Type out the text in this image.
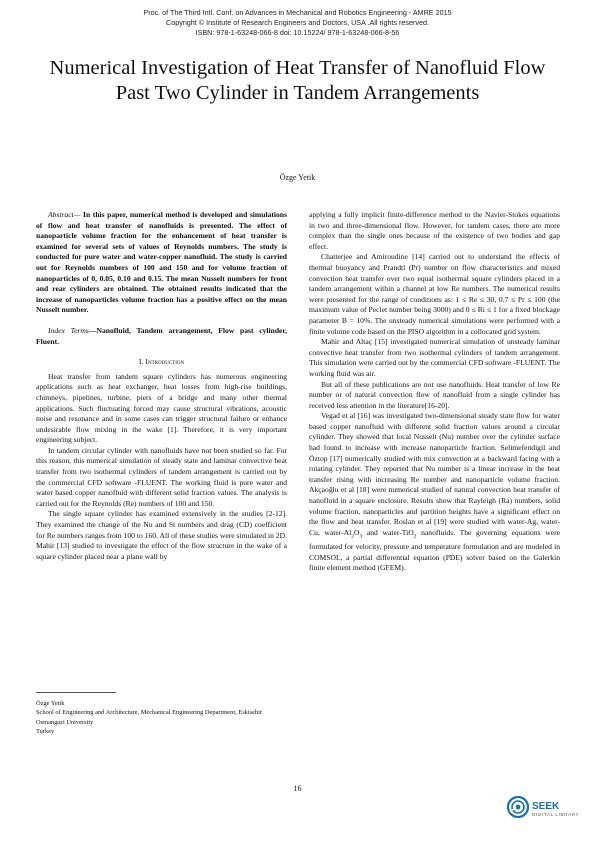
Proc. of The Third Intl. Conf. on Advances in Mechanical and Robotics Engineering - AMRE 2015
Copyright © Institute of Research Engineers and Doctors, USA .All rights reserved.
ISBN: 978-1-63248-066-8 doi: 10.15224/ 978-1-63248-066-8-56
Numerical Investigation of Heat Transfer of Nanofluid Flow Past Two Cylinder in Tandem Arrangements
Özge Yetik

Abstract— In this paper, numerical method is developed and simulations of flow and heat transfer of nanofluids is presented. The effect of nanoparticle volume fraction for the enhancement of heat transfer is examined for several sets of values of Reynolds numbers. The study is conducted for pure water and water-copper nanofluid. The study is carried out for Reynolds numbers of 100 and 150 and for volume fraction of nanoparticles of 0, 0.05, 0.10 and 0.15. The mean Nusselt numbers for front and rear cylinders are obtained. The obtained results indicated that the increase of nanoparticles volume fraction has a positive effect on the mean Nusselt number.

Index Terms—Nanofluid, Tandem arrangement, Flow past cylinder, Fluent.

I. Introduction

Heat transfer from tandem square cylinders has numerous engineering applications such as heat exchanger, heat losses from high-rise buildings, chimneys, pipelines, turbine, piers of a bridge and many other thermal applications. Such fluctuating forced may cause structural vibrations, acoustic noise and resonance and in some cases can trigger structural failure or enhance undesirable flow mixing in the wake [1]. Therefore, it is very important engineering subject.

In tandem circular cylinder with nanofluids have not been studied so far. For this reason, this numerical simulation of steady state and laminar convective heat transfer from two isothermal cylinders of tandem arrangement is carried out by the commercial CFD software -FLUENT. The working fluid is pure water and water based copper nanofluid with different solid fraction values. The analysis is carried out for the Reynolds (Re) numbers of 100 and 150.

The single square cylinder has examined extensively in the studies [2-12]. They examined the change of the Nu and St numbers and drag (CD) coefficient for Re numbers ranges from 100 to 160. All of these studies were simulated in 2D. Mahir [13] studied to investigate the effect of the flow structure in the wake of a square cylinder placed near a plane wall by

Özge Yetik
School of Engineering and Architecture, Mechanical Engineering Department, Eskisehir Osmangazi University
Turkey

applying a fully implicit finite-difference method to the Navier-Stokes equations in two and three-dimensional flow. However, for tandem cases, there are more complex than the single ones because of the existence of two bodies and gap effect.

Chatterjee and Amiroudine [14] carried out to understand the effects of thermal buoyancy and Prandtl (Pr) number on flow characteristics and mixed convection heat transfer over two equal isothermal square cylinders placed in a tandem arrangement within a channel at low Re numbers. The numerical results were presented for the range of conditions as: 1 ≤ Re ≤ 30, 0.7 ≤ Pr ≤ 100 (the maximum value of Peclet number being 3000) and 0 ≤ Ri ≤ 1 for a fixed blockage parameter B = 10%. The unsteady numerical simulations were performed with a finite volume code based on the PISO algorithm in a collocated grid system.

Mahir and Altaç [15] investigated numerical simulation of unsteady laminar convective heat transfer from two isothermal cylinders of tandem arrangement. This simulation were carried out by the commercial CFD software -FLUENT. The working fluid was air.

But all of these publications are not use nanofluids. Heat transfer of low Re number or of natural convection flow of nanofluid from a single cylinder has received less attention in the literature[16-20].

Vegad et al [16] was investigated two-dimensional steady state flow for water based copper nanofluid with different solid fraction values around a circular cylinder. They showed that local Nusselt (Nu) number over the cylinder surface had found to increase with increase nanoparticle fraction. Selimefendigil and Öztop [17] numerically studied with mix convection at a backward facing with a rotating cylinder. They reported that Nu number is a linear increase in the heat transfer rising with increasing Re number and nanoparticle volume fraction. Akçaoğlu et al [18] were numerical studied of natural convection heat transfer of nanofluid in a square enclosure. Results show that Rayleigh (Ra) numbers, solid volume fraction, nanoparticles and partition heights have a significant effect on the flow and heat transfer. Roslan et al [19] were studied with water-Ag, water-Cu, water-$Al_2O_3$ and water-TiO$_2$ nanofluids. The governing equations were formulated for velocity, pressure and temperature formulation and are modeled in COMSOL, a partial differential equation (PDE) solver based on the Galerkin finite element method (GFEM).

16
SEEK
DIGITAL LIBRARY
